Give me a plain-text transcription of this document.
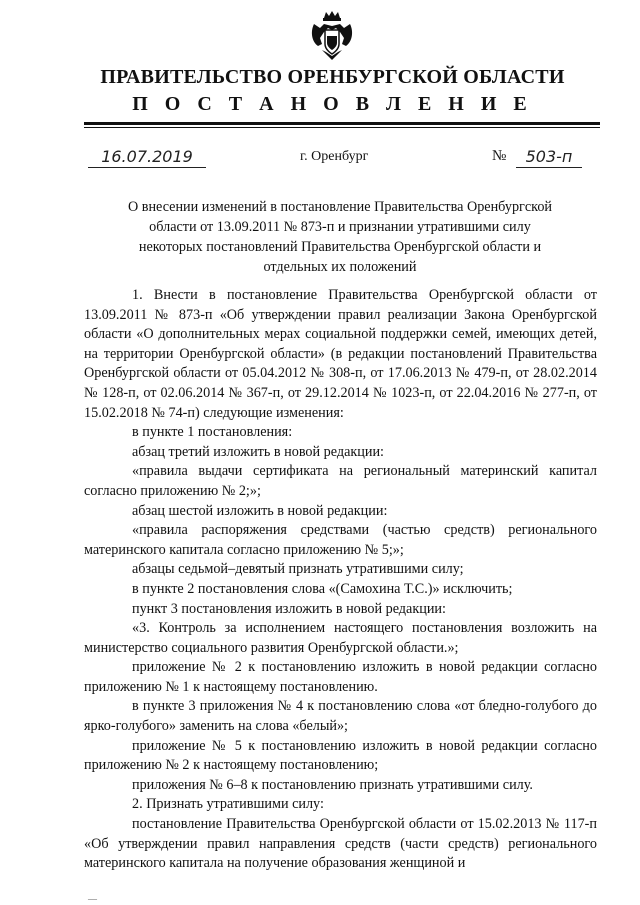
ПРАВИТЕЛЬСТВО ОРЕНБУРГСКОЙ ОБЛАСТИ
П О С Т А Н О В Л Е Н И Е
16.07.2019	г. Оренбург	№	503-п
О внесении изменений в постановление Правительства Оренбургской области от 13.09.2011 № 873-п и признании утратившими силу некоторых постановлений Правительства Оренбургской области и отдельных их положений

1. Внести в постановление Правительства Оренбургской области от 13.09.2011 № 873-п «Об утверждении правил реализации Закона Оренбургской области «О дополнительных мерах социальной поддержки семей, имеющих детей, на территории Оренбургской области» (в редакции постановлений Правительства Оренбургской области от 05.04.2012 № 308-п, от 17.06.2013 № 479-п, от 28.02.2014 № 128-п, от 02.06.2014 № 367-п, от 29.12.2014 № 1023-п, от 22.04.2016 № 277-п, от 15.02.2018 № 74-п) следующие изменения:

в пункте 1 постановления:

абзац третий изложить в новой редакции:

«правила выдачи сертификата на региональный материнский капитал согласно приложению № 2;»;

абзац шестой изложить в новой редакции:

«правила распоряжения средствами (частью средств) регионального материнского капитала согласно приложению № 5;»;

абзацы седьмой–девятый признать утратившими силу;

в пункте 2 постановления слова «(Самохина Т.С.)» исключить;

пункт 3 постановления изложить в новой редакции:

«3. Контроль за исполнением настоящего постановления возложить на министерство социального развития Оренбургской области.»;

приложение № 2 к постановлению изложить в новой редакции согласно приложению № 1 к настоящему постановлению.

в пункте 3 приложения № 4 к постановлению слова «от бледно-голубого до ярко-голубого» заменить на слова «белый»;

приложение № 5 к постановлению изложить в новой редакции согласно приложению № 2 к настоящему постановлению;

приложения № 6–8 к постановлению признать утратившими силу.

2. Признать утратившими силу:

постановление Правительства Оренбургской области от 15.02.2013 № 117-п «Об утверждении правил направления средств (части средств) регионального материнского капитала на получение образования женщиной и

—
